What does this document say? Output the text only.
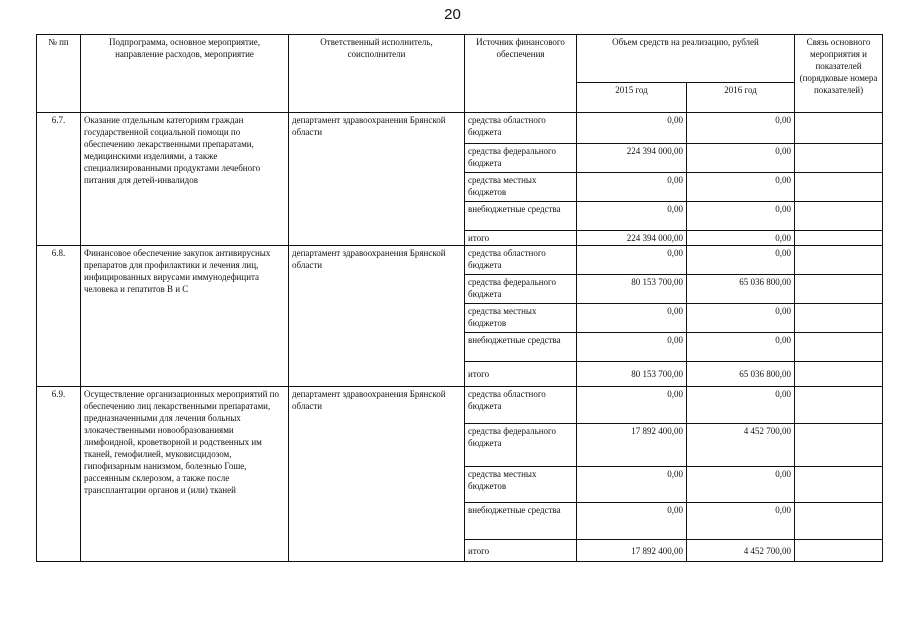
20
№ пп	Подпрограмма, основное мероприятие, направление расходов, мероприятие	Ответственный исполнитель, соисполнители	Источник финансового обеспечения	Объем средств на реализацию, рублей		Связь основного мероприятия и показателей (порядковые номера показателей)
				2015 год	2016 год	
6.7.	Оказание отдельным категориям граждан государственной социальной помощи по обеспечению лекарственными препаратами, медицинскими изделиями, а также специализированными продуктами лечебного питания для детей-инвалидов	департамент здравоохранения Брянской области	средства областного бюджета	0,00	0,00	
			средства федерального бюджета	224 394 000,00	0,00	
			средства местных бюджетов	0,00	0,00	
			внебюджетные средства	0,00	0,00	
			итого	224 394 000,00	0,00	
6.8.	Финансовое обеспечение закупок антивирусных препаратов для профилактики и лечения лиц, инфицированных вирусами иммунодефицита человека и гепатитов В и С	департамент здравоохранения Брянской области	средства областного бюджета	0,00	0,00	
			средства федерального бюджета	80 153 700,00	65 036 800,00	
			средства местных бюджетов	0,00	0,00	
			внебюджетные средства	0,00	0,00	
			итого	80 153 700,00	65 036 800,00	
6.9.	Осуществление организационных мероприятий по обеспечению лиц лекарственными препаратами, предназначенными для лечения больных злокачественными новообразованиями лимфоидной, кроветворной и родственных им тканей, гемофилией, муковисцидозом, гипофизарным нанизмом, болезнью Гоше, рассеянным склерозом, а также после трансплантации органов и (или) тканей	департамент здравоохранения Брянской области	средства областного бюджета	0,00	0,00	
			средства федерального бюджета	17 892 400,00	4 452 700,00	
			средства местных бюджетов	0,00	0,00	
			внебюджетные средства	0,00	0,00	
			итого	17 892 400,00	4 452 700,00	
